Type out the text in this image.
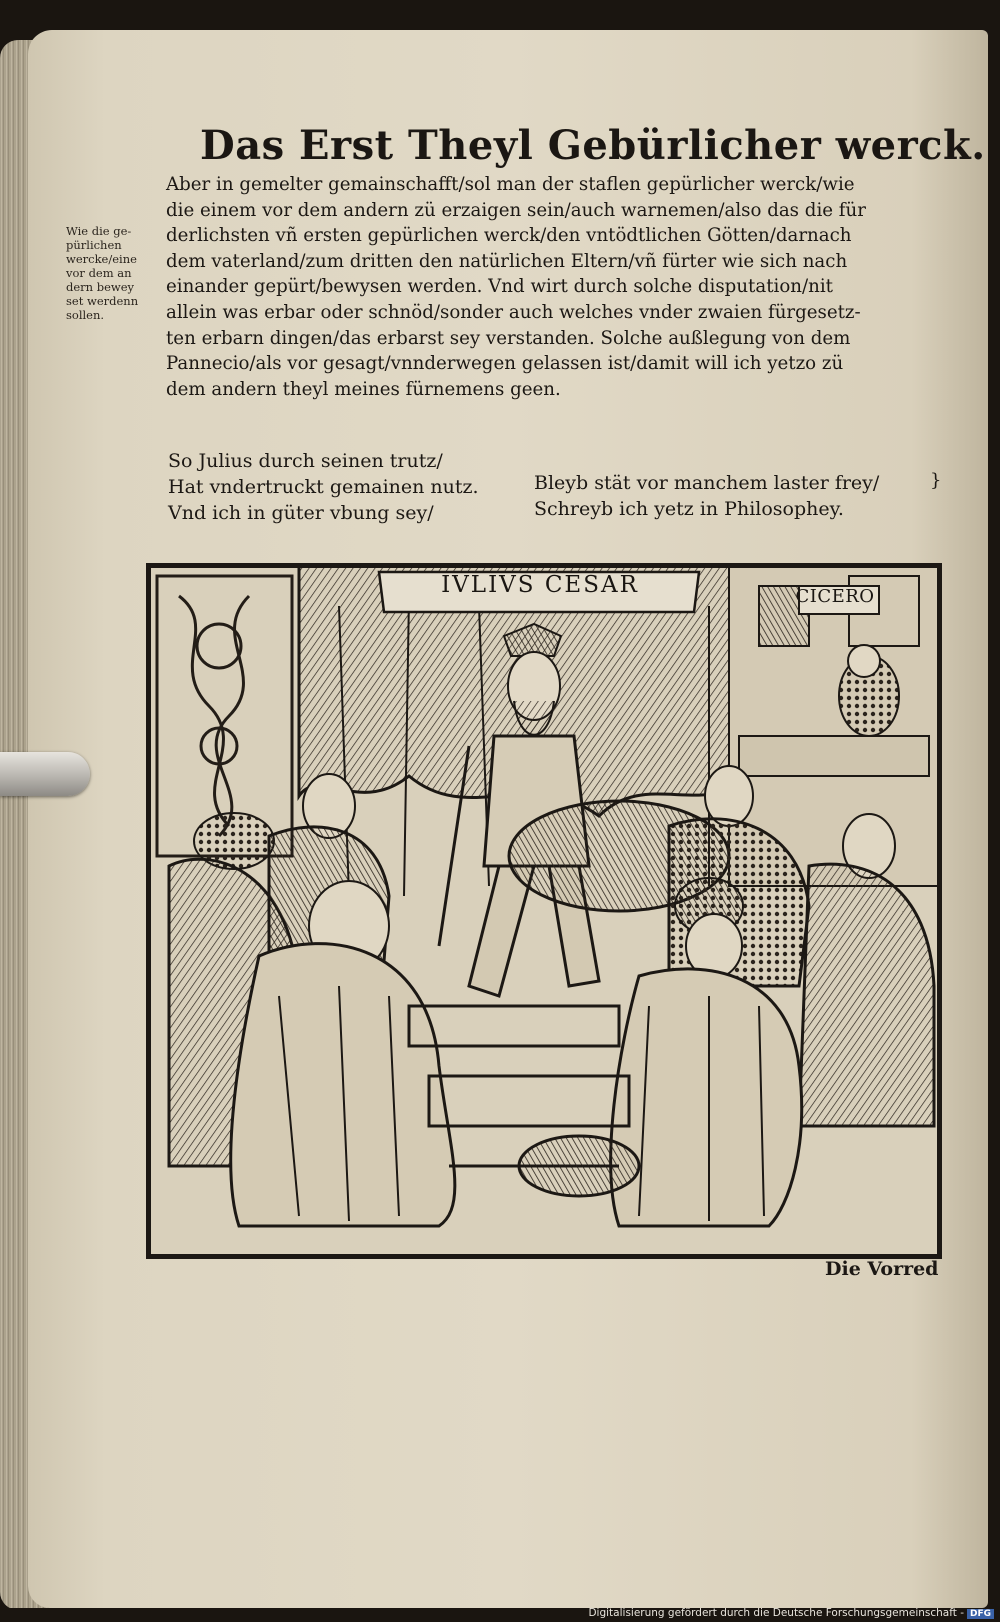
Das Erst Theyl Gebürlicher werck.
Aber in gemelter gemainschafft/sol man der staflen gepürlicher werck/wie
die einem vor dem andern zü erzaigen sein/auch warnemen/also das die für
derlichsten vñ ersten gepürlichen werck/den vntödtlichen Götten/darnach
dem vaterland/zum dritten den natürlichen Eltern/vñ fürter wie sich nach
einander gepürt/bewysen werden. Vnd wirt durch solche disputation/nit
allein was erbar oder schnöd/sonder auch welches vnder zwaien fürgesetz-
ten erbarn dingen/das erbarst sey verstanden. Solche außlegung von dem
Pannecio/als vor gesagt/vnnderwegen gelassen ist/damit will ich yetzo zü
dem andern theyl meines fürnemens geen.
Wie die ge-
pürlichen
wercke/eine
vor dem an
dern bewey
set werdenn
sollen.
So Julius durch seinen trutz/
Hat vndertruckt gemainen nutz.
Vnd ich in güter vbung sey/
Bleyb stät vor manchem laster frey/
Schreyb ich yetz in Philosophey.
}
IVLIVS CESAR	CICERO
Die Vorred
Digitalisierung gefördert durch die Deutsche Forschungsgemeinschaft - DFG
